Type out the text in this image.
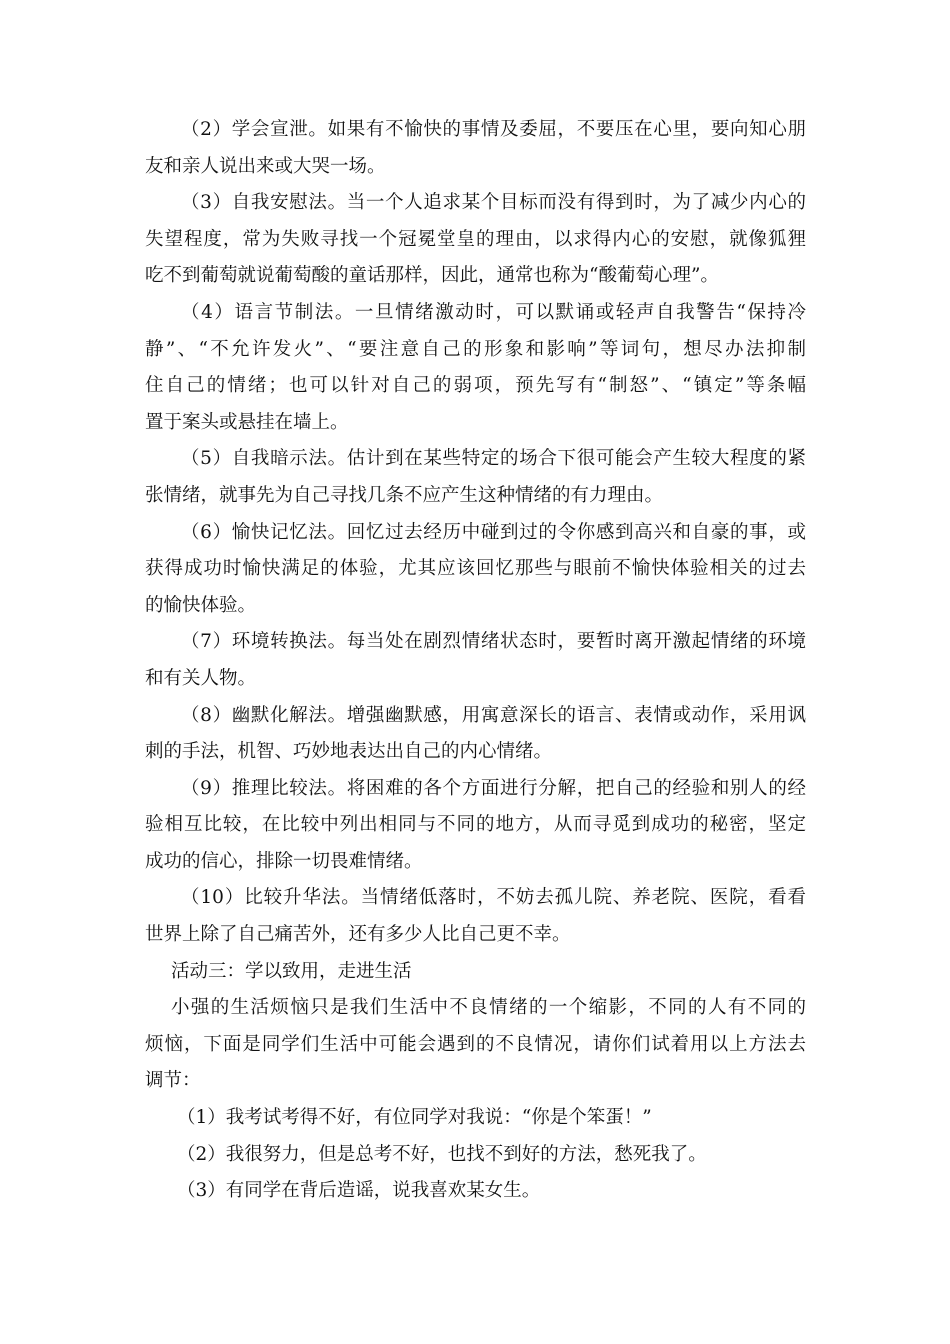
（2）学会宣泄。如果有不愉快的事情及委屈，不要压在心里，要向知心朋
友和亲人说出来或大哭一场。
（3）自我安慰法。当一个人追求某个目标而没有得到时，为了减少内心的
失望程度，常为失败寻找一个冠冕堂皇的理由，以求得内心的安慰，就像狐狸
吃不到葡萄就说葡萄酸的童话那样，因此，通常也称为“酸葡萄心理”。
（4）语言节制法。一旦情绪激动时，可以默诵或轻声自我警告“保持冷
静”、“不允许发火”、“要注意自己的形象和影响”等词句，想尽办法抑制
住自己的情绪；也可以针对自己的弱项，预先写有“制怒”、“镇定”等条幅
置于案头或悬挂在墙上。
（5）自我暗示法。估计到在某些特定的场合下很可能会产生较大程度的紧
张情绪，就事先为自己寻找几条不应产生这种情绪的有力理由。
（6）愉快记忆法。回忆过去经历中碰到过的令你感到高兴和自豪的事，或
获得成功时愉快满足的体验，尤其应该回忆那些与眼前不愉快体验相关的过去
的愉快体验。
（7）环境转换法。每当处在剧烈情绪状态时，要暂时离开激起情绪的环境
和有关人物。
（8）幽默化解法。增强幽默感，用寓意深长的语言、表情或动作，采用讽
刺的手法，机智、巧妙地表达出自己的内心情绪。
（9）推理比较法。将困难的各个方面进行分解，把自己的经验和别人的经
验相互比较，在比较中列出相同与不同的地方，从而寻觅到成功的秘密，坚定
成功的信心，排除一切畏难情绪。
（10）比较升华法。当情绪低落时，不妨去孤儿院、养老院、医院，看看
世界上除了自己痛苦外，还有多少人比自己更不幸。
活动三：学以致用，走进生活
小强的生活烦恼只是我们生活中不良情绪的一个缩影，不同的人有不同的
烦恼，下面是同学们生活中可能会遇到的不良情况，请你们试着用以上方法去
调节：
（1）我考试考得不好，有位同学对我说：“你是个笨蛋！”
（2）我很努力，但是总考不好，也找不到好的方法，愁死我了。
（3）有同学在背后造谣，说我喜欢某女生。
